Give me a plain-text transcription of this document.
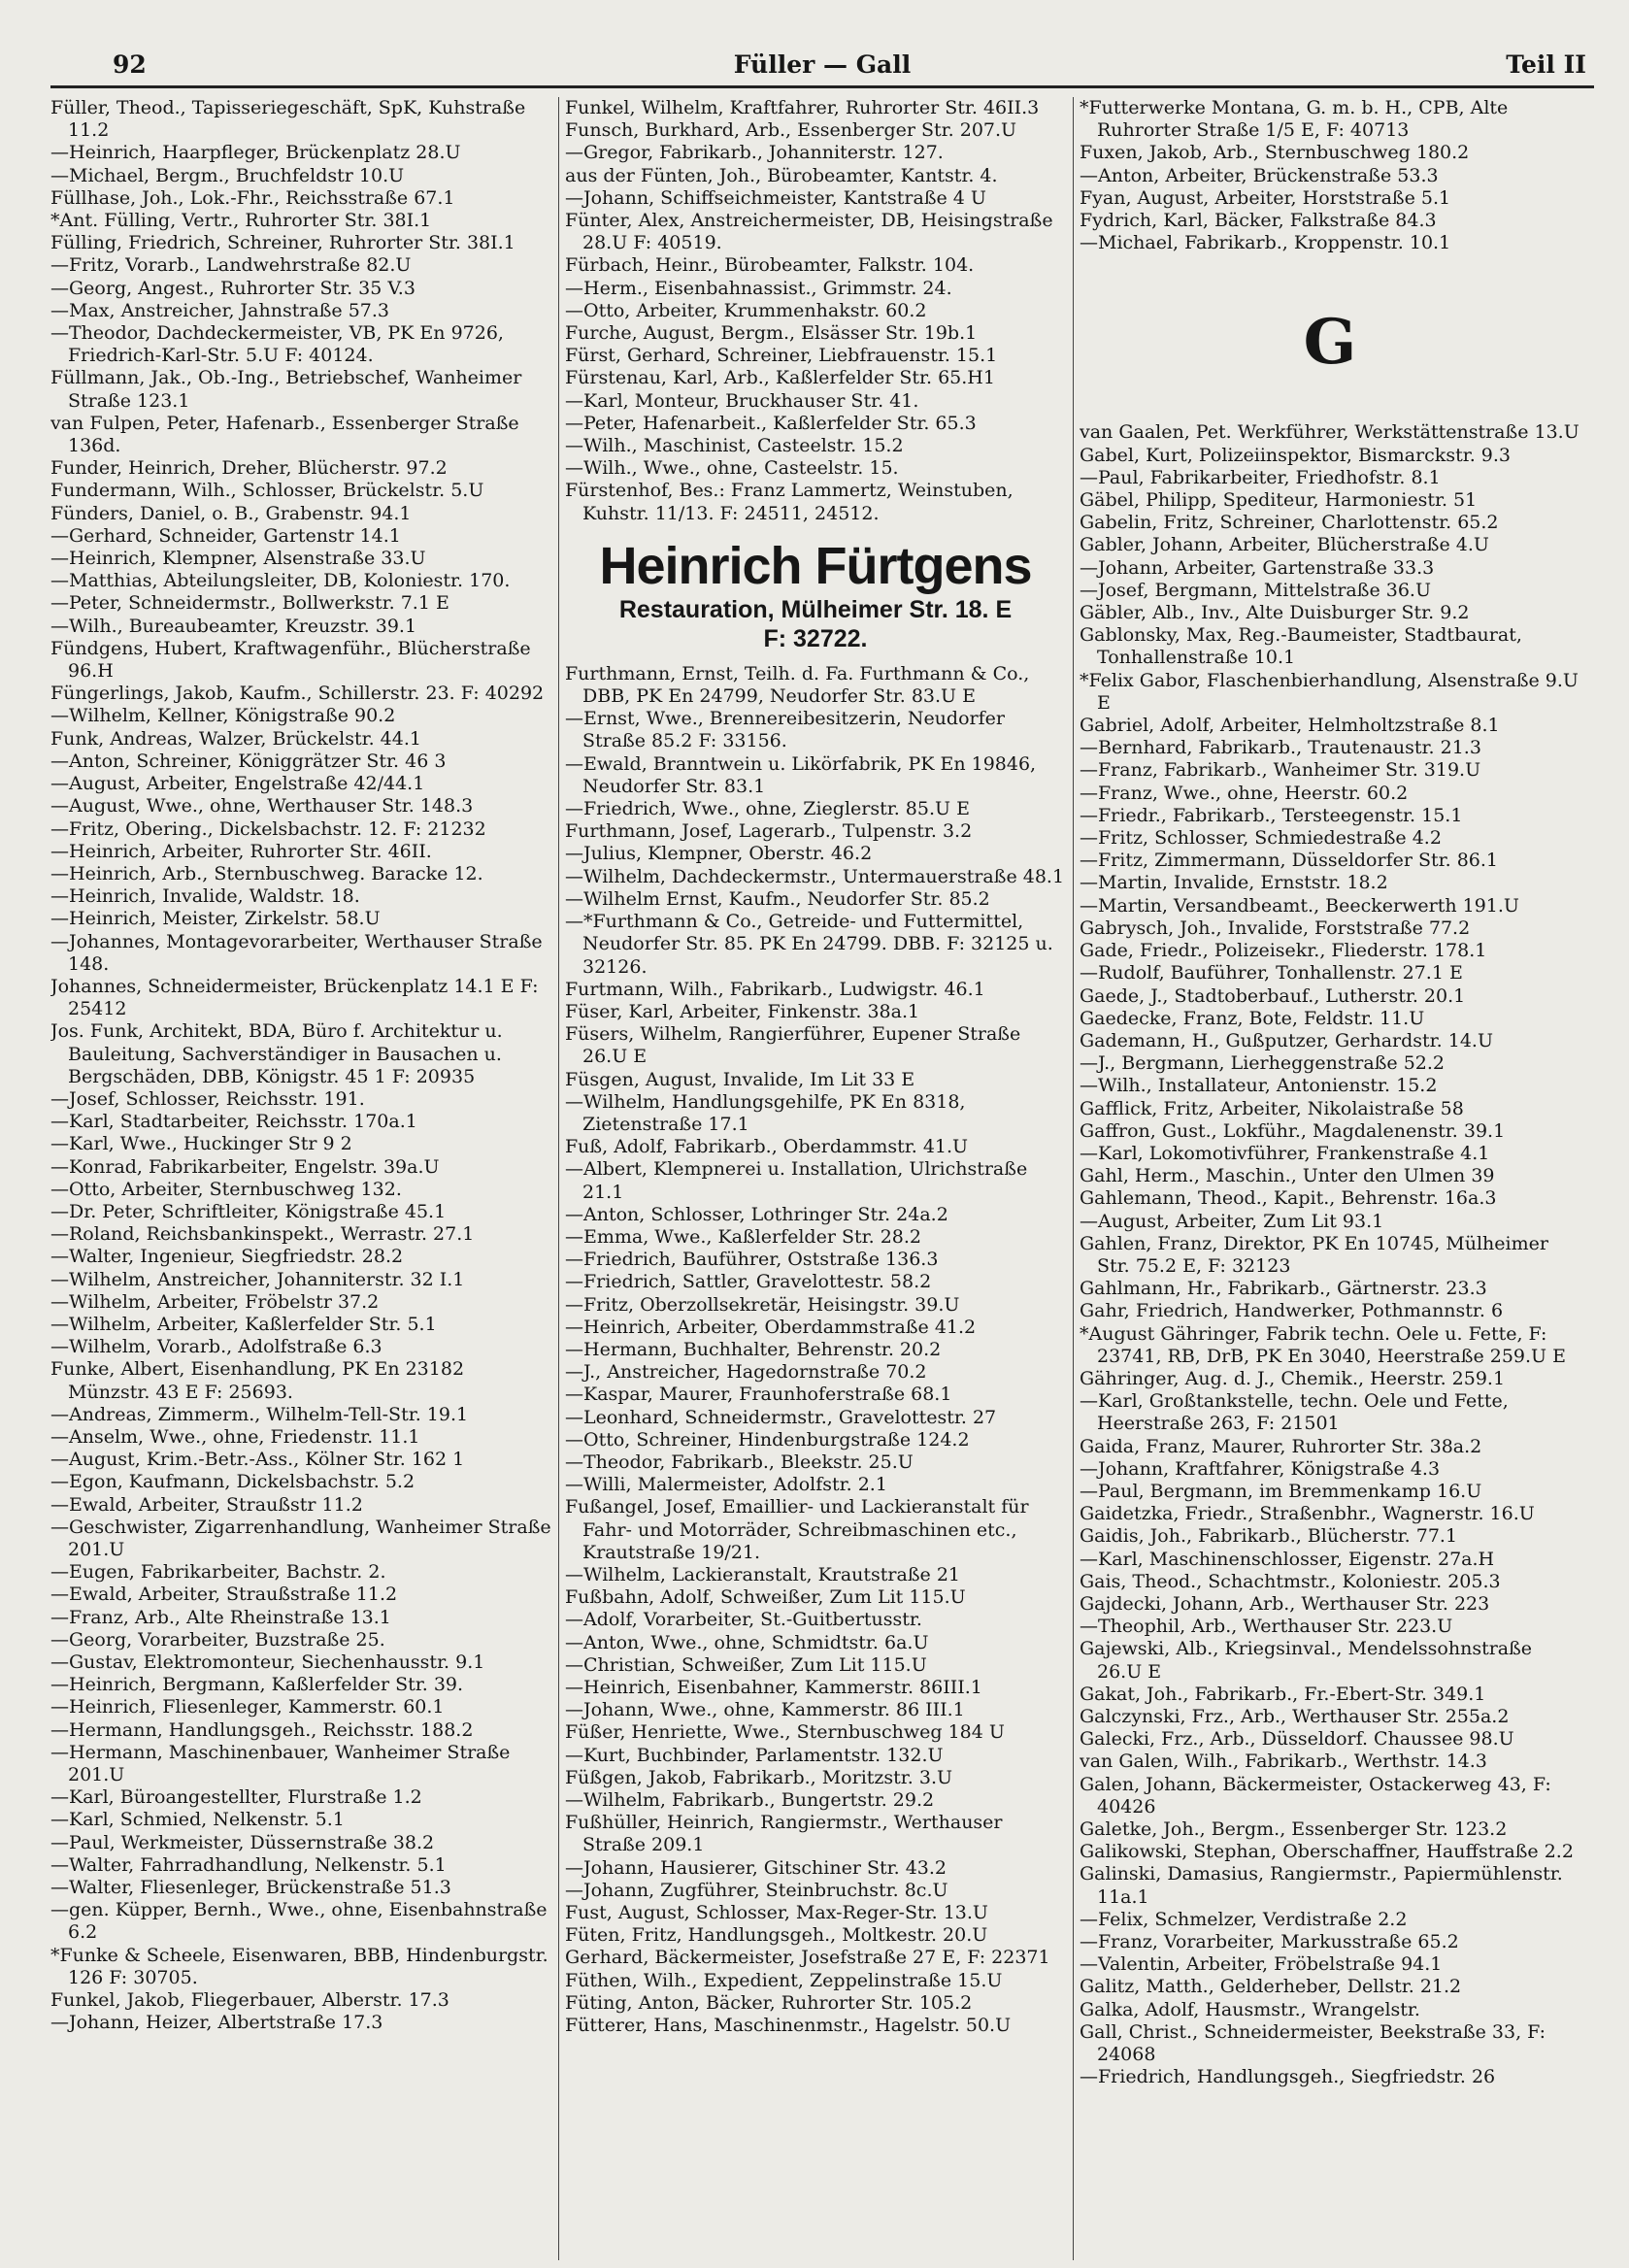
92	Füller — Gall	Teil II

Füller, Theod., Tapisseriegeschäft, SpK, Kuhstraße 11.2

—Heinrich, Haarpfleger, Brückenplatz 28.U

—Michael, Bergm., Bruchfeldstr 10.U

Füllhase, Joh., Lok.-Fhr., Reichsstraße 67.1

*Ant. Fülling, Vertr., Ruhrorter Str. 38I.1

Fülling, Friedrich, Schreiner, Ruhrorter Str. 38I.1

—Fritz, Vorarb., Landwehrstraße 82.U

—Georg, Angest., Ruhrorter Str. 35 V.3

—Max, Anstreicher, Jahnstraße 57.3

—Theodor, Dachdeckermeister, VB, PK En 9726, Friedrich-Karl-Str. 5.U F: 40124.

Füllmann, Jak., Ob.-Ing., Betriebschef, Wanheimer Straße 123.1

van Fulpen, Peter, Hafenarb., Essenberger Straße 136d.

Funder, Heinrich, Dreher, Blücherstr. 97.2

Fundermann, Wilh., Schlosser, Brückelstr. 5.U

Fünders, Daniel, o. B., Grabenstr. 94.1

—Gerhard, Schneider, Gartenstr 14.1

—Heinrich, Klempner, Alsenstraße 33.U

—Matthias, Abteilungsleiter, DB, Koloniestr. 170.

—Peter, Schneidermstr., Bollwerkstr. 7.1 E

—Wilh., Bureaubeamter, Kreuzstr. 39.1

Fündgens, Hubert, Kraftwagenführ., Blücherstraße 96.H

Füngerlings, Jakob, Kaufm., Schillerstr. 23. F: 40292

—Wilhelm, Kellner, Königstraße 90.2

Funk, Andreas, Walzer, Brückelstr. 44.1

—Anton, Schreiner, Königgrätzer Str. 46 3

—August, Arbeiter, Engelstraße 42/44.1

—August, Wwe., ohne, Werthauser Str. 148.3

—Fritz, Obering., Dickelsbachstr. 12. F: 21232

—Heinrich, Arbeiter, Ruhrorter Str. 46II.

—Heinrich, Arb., Sternbuschweg. Baracke 12.

—Heinrich, Invalide, Waldstr. 18.

—Heinrich, Meister, Zirkelstr. 58.U

—Johannes, Montagevorarbeiter, Werthauser Straße 148.

Johannes, Schneidermeister, Brückenplatz 14.1 E F: 25412

Jos. Funk, Architekt, BDA, Büro f. Architektur u. Bauleitung, Sachverständiger in Bausachen u. Bergschäden, DBB, Königstr. 45 1 F: 20935

—Josef, Schlosser, Reichsstr. 191.

—Karl, Stadtarbeiter, Reichsstr. 170a.1

—Karl, Wwe., Huckinger Str 9 2

—Konrad, Fabrikarbeiter, Engelstr. 39a.U

—Otto, Arbeiter, Sternbuschweg 132.

—Dr. Peter, Schriftleiter, Königstraße 45.1

—Roland, Reichsbankinspekt., Werrastr. 27.1

—Walter, Ingenieur, Siegfriedstr. 28.2

—Wilhelm, Anstreicher, Johanniterstr. 32 I.1

—Wilhelm, Arbeiter, Fröbelstr 37.2

—Wilhelm, Arbeiter, Kaßlerfelder Str. 5.1

—Wilhelm, Vorarb., Adolfstraße 6.3

Funke, Albert, Eisenhandlung, PK En 23182 Münzstr. 43 E F: 25693.

—Andreas, Zimmerm., Wilhelm-Tell-Str. 19.1

—Anselm, Wwe., ohne, Friedenstr. 11.1

—August, Krim.-Betr.-Ass., Kölner Str. 162 1

—Egon, Kaufmann, Dickelsbachstr. 5.2

—Ewald, Arbeiter, Straußstr 11.2

—Geschwister, Zigarrenhandlung, Wanheimer Straße 201.U

—Eugen, Fabrikarbeiter, Bachstr. 2.

—Ewald, Arbeiter, Straußstraße 11.2

—Franz, Arb., Alte Rheinstraße 13.1

—Georg, Vorarbeiter, Buzstraße 25.

—Gustav, Elektromonteur, Siechenhausstr. 9.1

—Heinrich, Bergmann, Kaßlerfelder Str. 39.

—Heinrich, Fliesenleger, Kammerstr. 60.1

—Hermann, Handlungsgeh., Reichsstr. 188.2

—Hermann, Maschinenbauer, Wanheimer Straße 201.U

—Karl, Büroangestellter, Flurstraße 1.2

—Karl, Schmied, Nelkenstr. 5.1

—Paul, Werkmeister, Düssernstraße 38.2

—Walter, Fahrradhandlung, Nelkenstr. 5.1

—Walter, Fliesenleger, Brückenstraße 51.3

—gen. Küpper, Bernh., Wwe., ohne, Eisenbahnstraße 6.2

*Funke & Scheele, Eisenwaren, BBB, Hindenburgstr. 126 F: 30705.

Funkel, Jakob, Fliegerbauer, Alberstr. 17.3

—Johann, Heizer, Albertstraße 17.3

Funkel, Wilhelm, Kraftfahrer, Ruhrorter Str. 46II.3

Funsch, Burkhard, Arb., Essenberger Str. 207.U

—Gregor, Fabrikarb., Johanniterstr. 127.

aus der Fünten, Joh., Bürobeamter, Kantstr. 4.

—Johann, Schiffseichmeister, Kantstraße 4 U

Fünter, Alex, Anstreichermeister, DB, Heisingstraße 28.U F: 40519.

Fürbach, Heinr., Bürobeamter, Falkstr. 104.

—Herm., Eisenbahnassist., Grimmstr. 24.

—Otto, Arbeiter, Krummenhakstr. 60.2

Furche, August, Bergm., Elsässer Str. 19b.1

Fürst, Gerhard, Schreiner, Liebfrauenstr. 15.1

Fürstenau, Karl, Arb., Kaßlerfelder Str. 65.H1

—Karl, Monteur, Bruckhauser Str. 41.

—Peter, Hafenarbeit., Kaßlerfelder Str. 65.3

—Wilh., Maschinist, Casteelstr. 15.2

—Wilh., Wwe., ohne, Casteelstr. 15.

Fürstenhof, Bes.: Franz Lammertz, Weinstuben, Kuhstr. 11/13. F: 24511, 24512.

Heinrich Fürtgens
Restauration, Mülheimer Str. 18. E
F: 32722.

Furthmann, Ernst, Teilh. d. Fa. Furthmann & Co., DBB, PK En 24799, Neudorfer Str. 83.U E

—Ernst, Wwe., Brennereibesitzerin, Neudorfer Straße 85.2 F: 33156.

—Ewald, Branntwein u. Likörfabrik, PK En 19846, Neudorfer Str. 83.1

—Friedrich, Wwe., ohne, Zieglerstr. 85.U E

Furthmann, Josef, Lagerarb., Tulpenstr. 3.2

—Julius, Klempner, Oberstr. 46.2

—Wilhelm, Dachdeckermstr., Untermauerstraße 48.1

—Wilhelm Ernst, Kaufm., Neudorfer Str. 85.2

—*Furthmann & Co., Getreide- und Futtermittel, Neudorfer Str. 85. PK En 24799. DBB. F: 32125 u. 32126.

Furtmann, Wilh., Fabrikarb., Ludwigstr. 46.1

Füser, Karl, Arbeiter, Finkenstr. 38a.1

Füsers, Wilhelm, Rangierführer, Eupener Straße 26.U E

Füsgen, August, Invalide, Im Lit 33 E

—Wilhelm, Handlungsgehilfe, PK En 8318, Zietenstraße 17.1

Fuß, Adolf, Fabrikarb., Oberdammstr. 41.U

—Albert, Klempnerei u. Installation, Ulrichstraße 21.1

—Anton, Schlosser, Lothringer Str. 24a.2

—Emma, Wwe., Kaßlerfelder Str. 28.2

—Friedrich, Bauführer, Oststraße 136.3

—Friedrich, Sattler, Gravelottestr. 58.2

—Fritz, Oberzollsekretär, Heisingstr. 39.U

—Heinrich, Arbeiter, Oberdammstraße 41.2

—Hermann, Buchhalter, Behrenstr. 20.2

—J., Anstreicher, Hagedornstraße 70.2

—Kaspar, Maurer, Fraunhoferstraße 68.1

—Leonhard, Schneidermstr., Gravelottestr. 27

—Otto, Schreiner, Hindenburgstraße 124.2

—Theodor, Fabrikarb., Bleekstr. 25.U

—Willi, Malermeister, Adolfstr. 2.1

Fußangel, Josef, Emaillier- und Lackieranstalt für Fahr- und Motorräder, Schreibmaschinen etc., Krautstraße 19/21.

—Wilhelm, Lackieranstalt, Krautstraße 21

Fußbahn, Adolf, Schweißer, Zum Lit 115.U

—Adolf, Vorarbeiter, St.-Guitbertusstr.

—Anton, Wwe., ohne, Schmidtstr. 6a.U

—Christian, Schweißer, Zum Lit 115.U

—Heinrich, Eisenbahner, Kammerstr. 86III.1

—Johann, Wwe., ohne, Kammerstr. 86 III.1

Füßer, Henriette, Wwe., Sternbuschweg 184 U

—Kurt, Buchbinder, Parlamentstr. 132.U

Füßgen, Jakob, Fabrikarb., Moritzstr. 3.U

—Wilhelm, Fabrikarb., Bungertstr. 29.2

Fußhüller, Heinrich, Rangiermstr., Werthauser Straße 209.1

—Johann, Hausierer, Gitschiner Str. 43.2

—Johann, Zugführer, Steinbruchstr. 8c.U

Fust, August, Schlosser, Max-Reger-Str. 13.U

Füten, Fritz, Handlungsgeh., Moltkestr. 20.U

Gerhard, Bäckermeister, Josefstraße 27 E, F: 22371

Füthen, Wilh., Expedient, Zeppelinstraße 15.U

Füting, Anton, Bäcker, Ruhrorter Str. 105.2

Fütterer, Hans, Maschinenmstr., Hagelstr. 50.U

*Futterwerke Montana, G. m. b. H., CPB, Alte Ruhrorter Straße 1/5 E, F: 40713

Fuxen, Jakob, Arb., Sternbuschweg 180.2

—Anton, Arbeiter, Brückenstraße 53.3

Fyan, August, Arbeiter, Horststraße 5.1

Fydrich, Karl, Bäcker, Falkstraße 84.3

—Michael, Fabrikarb., Kroppenstr. 10.1

G

van Gaalen, Pet. Werkführer, Werkstättenstraße 13.U

Gabel, Kurt, Polizeiinspektor, Bismarckstr. 9.3

—Paul, Fabrikarbeiter, Friedhofstr. 8.1

Gäbel, Philipp, Spediteur, Harmoniestr. 51

Gabelin, Fritz, Schreiner, Charlottenstr. 65.2

Gabler, Johann, Arbeiter, Blücherstraße 4.U

—Johann, Arbeiter, Gartenstraße 33.3

—Josef, Bergmann, Mittelstraße 36.U

Gäbler, Alb., Inv., Alte Duisburger Str. 9.2

Gablonsky, Max, Reg.-Baumeister, Stadtbaurat, Tonhallenstraße 10.1

*Felix Gabor, Flaschenbierhandlung, Alsenstraße 9.U E

Gabriel, Adolf, Arbeiter, Helmholtzstraße 8.1

—Bernhard, Fabrikarb., Trautenaustr. 21.3

—Franz, Fabrikarb., Wanheimer Str. 319.U

—Franz, Wwe., ohne, Heerstr. 60.2

—Friedr., Fabrikarb., Tersteegenstr. 15.1

—Fritz, Schlosser, Schmiedestraße 4.2

—Fritz, Zimmermann, Düsseldorfer Str. 86.1

—Martin, Invalide, Ernststr. 18.2

—Martin, Versandbeamt., Beeckerwerth 191.U

Gabrysch, Joh., Invalide, Forststraße 77.2

Gade, Friedr., Polizeisekr., Fliederstr. 178.1

—Rudolf, Bauführer, Tonhallenstr. 27.1 E

Gaede, J., Stadtoberbauf., Lutherstr. 20.1

Gaedecke, Franz, Bote, Feldstr. 11.U

Gademann, H., Gußputzer, Gerhardstr. 14.U

—J., Bergmann, Lierheggenstraße 52.2

—Wilh., Installateur, Antonienstr. 15.2

Gafflick, Fritz, Arbeiter, Nikolaistraße 58

Gaffron, Gust., Lokführ., Magdalenenstr. 39.1

—Karl, Lokomotivführer, Frankenstraße 4.1

Gahl, Herm., Maschin., Unter den Ulmen 39

Gahlemann, Theod., Kapit., Behrenstr. 16a.3

—August, Arbeiter, Zum Lit 93.1

Gahlen, Franz, Direktor, PK En 10745, Mülheimer Str. 75.2 E, F: 32123

Gahlmann, Hr., Fabrikarb., Gärtnerstr. 23.3

Gahr, Friedrich, Handwerker, Pothmannstr. 6

*August Gähringer, Fabrik techn. Oele u. Fette, F: 23741, RB, DrB, PK En 3040, Heerstraße 259.U E

Gähringer, Aug. d. J., Chemik., Heerstr. 259.1

—Karl, Großtankstelle, techn. Oele und Fette, Heerstraße 263, F: 21501

Gaida, Franz, Maurer, Ruhrorter Str. 38a.2

—Johann, Kraftfahrer, Königstraße 4.3

—Paul, Bergmann, im Bremmenkamp 16.U

Gaidetzka, Friedr., Straßenbhr., Wagnerstr. 16.U

Gaidis, Joh., Fabrikarb., Blücherstr. 77.1

—Karl, Maschinenschlosser, Eigenstr. 27a.H

Gais, Theod., Schachtmstr., Koloniestr. 205.3

Gajdecki, Johann, Arb., Werthauser Str. 223

—Theophil, Arb., Werthauser Str. 223.U

Gajewski, Alb., Kriegsinval., Mendelssohnstraße 26.U E

Gakat, Joh., Fabrikarb., Fr.-Ebert-Str. 349.1

Galczynski, Frz., Arb., Werthauser Str. 255a.2

Galecki, Frz., Arb., Düsseldorf. Chaussee 98.U

van Galen, Wilh., Fabrikarb., Werthstr. 14.3

Galen, Johann, Bäckermeister, Ostackerweg 43, F: 40426

Galetke, Joh., Bergm., Essenberger Str. 123.2

Galikowski, Stephan, Oberschaffner, Hauffstraße 2.2

Galinski, Damasius, Rangiermstr., Papiermühlenstr. 11a.1

—Felix, Schmelzer, Verdistraße 2.2

—Franz, Vorarbeiter, Markusstraße 65.2

—Valentin, Arbeiter, Fröbelstraße 94.1

Galitz, Matth., Gelderheber, Dellstr. 21.2

Galka, Adolf, Hausmstr., Wrangelstr.

Gall, Christ., Schneidermeister, Beekstraße 33, F: 24068

—Friedrich, Handlungsgeh., Siegfriedstr. 26
